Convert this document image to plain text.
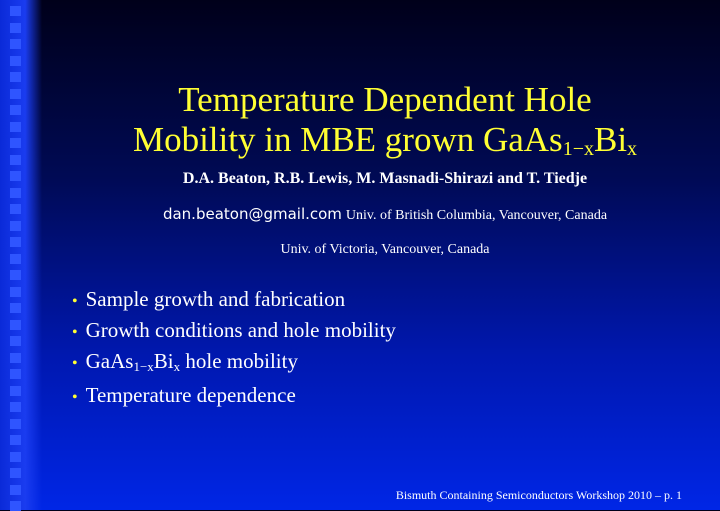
Temperature Dependent Hole
Mobility in MBE grown $GaAs_{1-x}Bi_x$
D.A. Beaton, R.B. Lewis, M. Masnadi-Shirazi and T. Tiedje
dan.beaton@gmail.com Univ. of British Columbia, Vancouver, Canada
Univ. of Victoria, Vancouver, Canada
• Sample growth and fabrication
• Growth conditions and hole mobility
• $GaAs_{1-x}Bi_x$ hole mobility
• Temperature dependence
Bismuth Containing Semiconductors Workshop 2010 – p. 1
